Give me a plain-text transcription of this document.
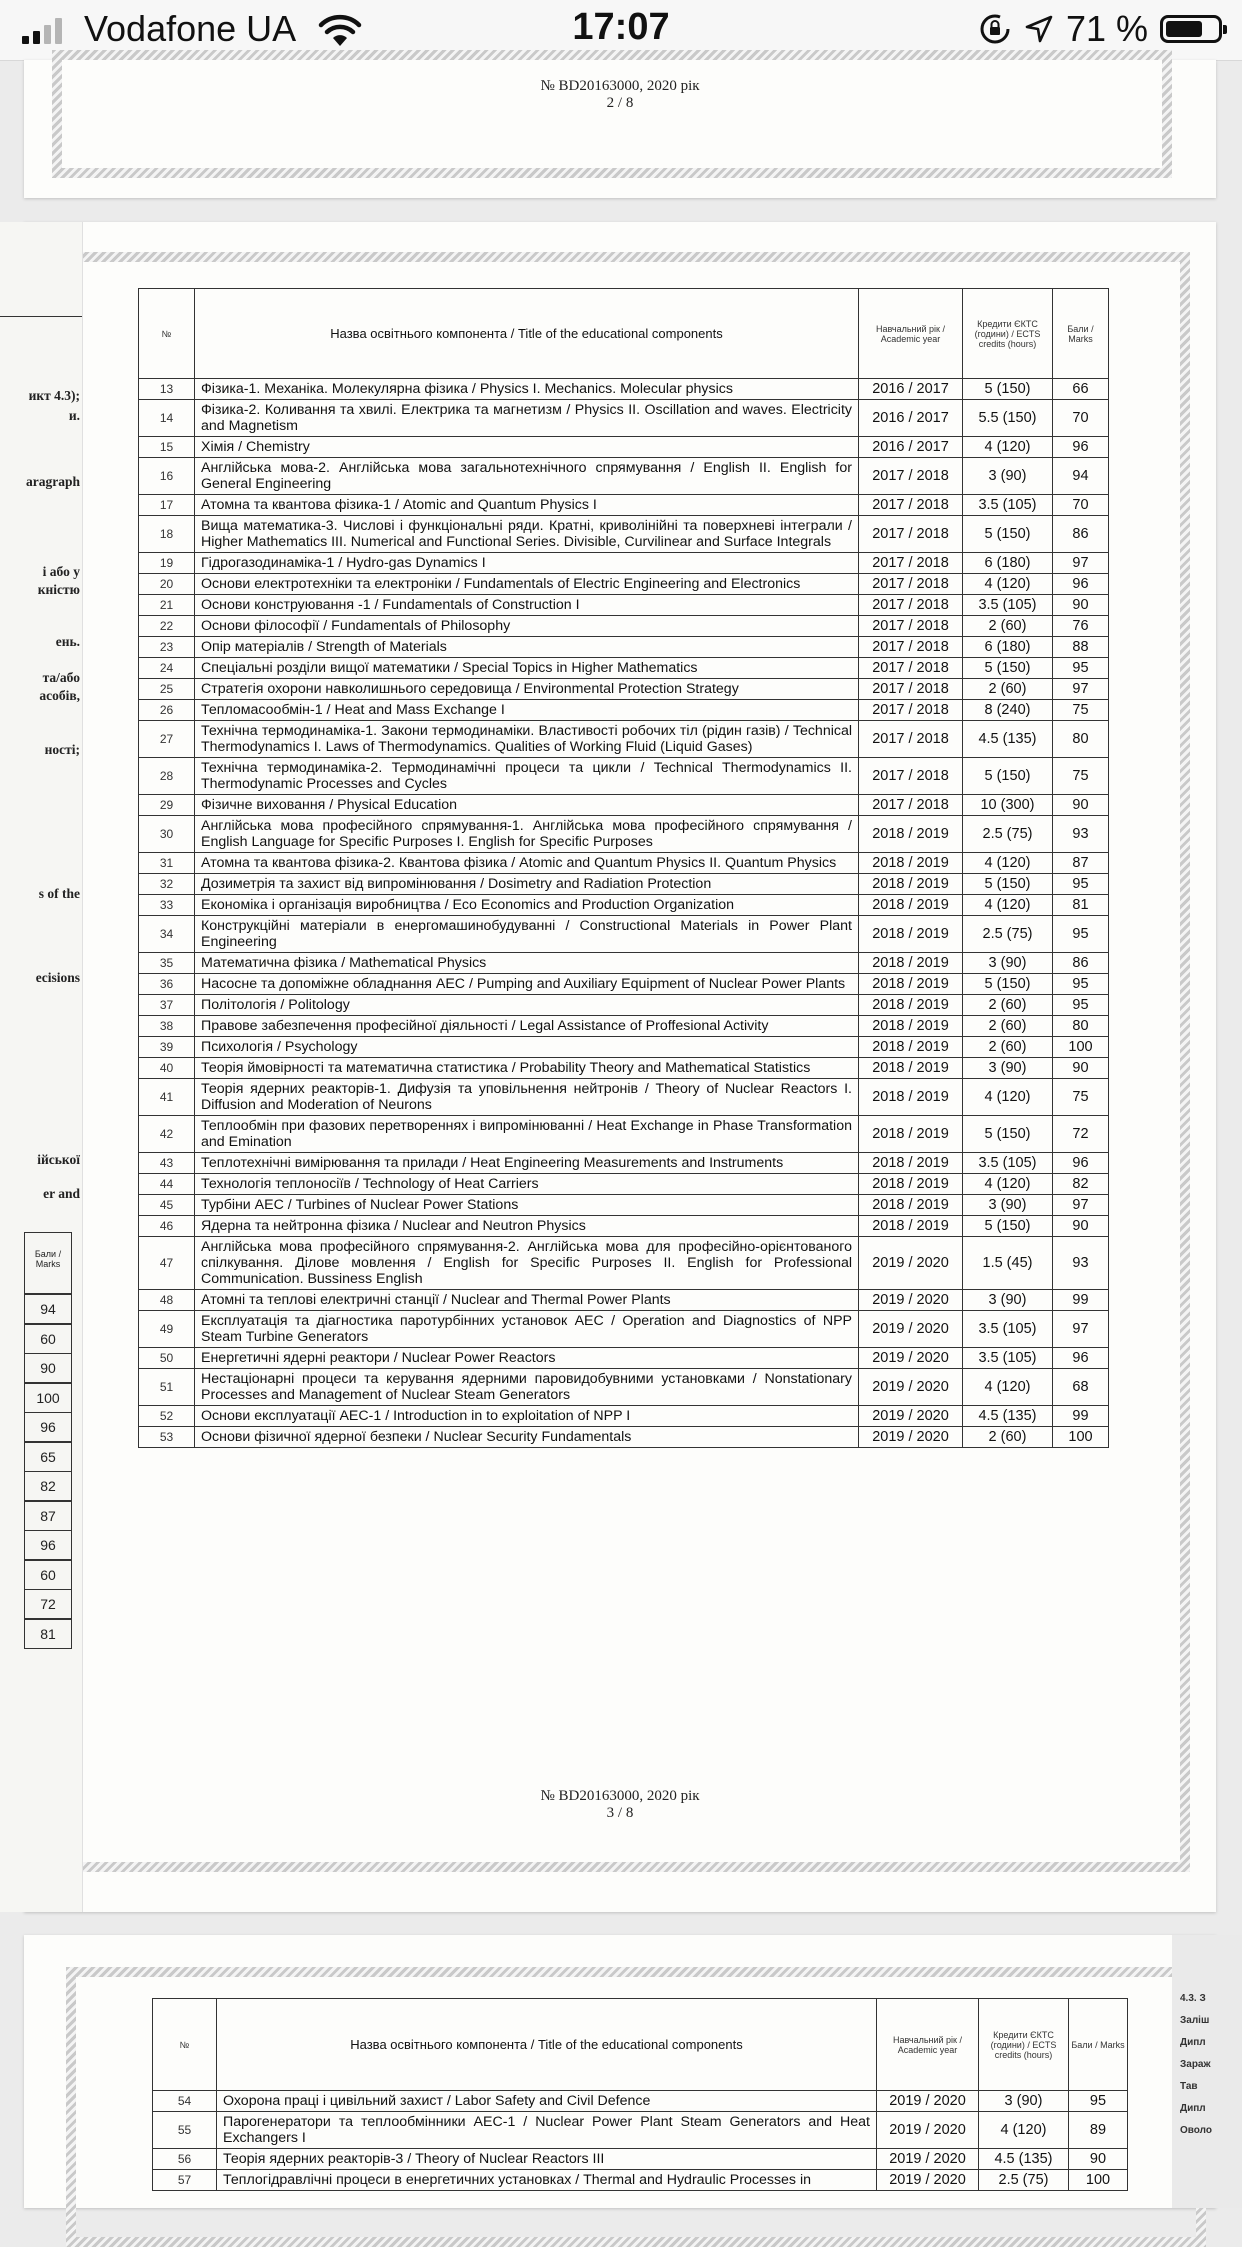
Vodafone UA	17:07	71 %
№ BD20163000, 2020 рік
2 / 8
№ BD20163000, 2020 рік
3 / 8
икт 4.3);
и.
aragraph
і або у
кністю
ень.
та/або
асобів,
ності;
s of the
ecisions
ійської
er and
Бали / Marks
94
60
90
100
96
65
82
87
96
60
72
81
№	Назва освітнього компонента / Title of the educational components	Навчальний рік / Academic year	Кредити ЄКТС (години) / ECTS credits (hours)	Бали / Marks
13	Фізика-1. Механіка. Молекулярна фізика / Physics I. Mechanics. Molecular physics	2016 / 2017	5 (150)	66
14	Фізика-2. Коливання та хвилі. Електрика та магнетизм / Physics II. Oscillation and waves. Electricity and Magnetism	2016 / 2017	5.5 (150)	70
15	Хімія / Chemistry	2016 / 2017	4 (120)	96
16	Англійська мова-2. Англійська мова загальнотехнічного спрямування / English II. English for General Engineering	2017 / 2018	3 (90)	94
17	Атомна та квантова фізика-1 / Atomic and Quantum Physics I	2017 / 2018	3.5 (105)	70
18	Вища математика-3. Числові і функціональні ряди. Кратні, криволінійні та поверхневі інтеграли / Higher Mathematics III. Numerical and Functional Series. Divisible, Curvilinear and Surface Integrals	2017 / 2018	5 (150)	86
19	Гідрогазодинаміка-1 / Hydro-gas Dynamics I	2017 / 2018	6 (180)	97
20	Основи електротехніки та електроніки / Fundamentals of Electric Engineering and Electronics	2017 / 2018	4 (120)	96
21	Основи конструювання -1 / Fundamentals of Construction I	2017 / 2018	3.5 (105)	90
22	Основи філософії / Fundamentals of Philosophy	2017 / 2018	2 (60)	76
23	Опір матеріалів / Strength of Materials	2017 / 2018	6 (180)	88
24	Спеціальні розділи вищої математики / Special Topics in Higher Mathematics	2017 / 2018	5 (150)	95
25	Стратегія охорони навколишнього середовища / Environmental Protection Strategy	2017 / 2018	2 (60)	97
26	Тепломасообмін-1 / Heat and Mass Exchange I	2017 / 2018	8 (240)	75
27	Технічна термодинаміка-1. Закони термодинаміки. Властивості робочих тіл (рідин газів) / Technical Thermodynamics I. Laws of Thermodynamics. Qualities of Working Fluid (Liquid Gases)	2017 / 2018	4.5 (135)	80
28	Технічна термодинаміка-2. Термодинамічні процеси та цикли / Technical Thermodynamics II. Thermodynamic Processes and Cycles	2017 / 2018	5 (150)	75
29	Фізичне виховання / Physical Education	2017 / 2018	10 (300)	90
30	Англійська мова професійного спрямування-1. Англійська мова професійного спрямування / English Language for Specific Purposes I. English for Specific Purposes	2018 / 2019	2.5 (75)	93
31	Атомна та квантова фізика-2. Квантова фізика / Atomic and Quantum Physics II. Quantum Physics	2018 / 2019	4 (120)	87
32	Дозиметрія та захист від випромінювання / Dosimetry and Radiation Protection	2018 / 2019	5 (150)	95
33	Економіка і організація виробництва / Eco Economics and Production Organization	2018 / 2019	4 (120)	81
34	Конструкційні матеріали в енергомашинобудуванні / Constructional Materials in Power Plant Engineering	2018 / 2019	2.5 (75)	95
35	Математична фізика / Mathematical Physics	2018 / 2019	3 (90)	86
36	Насосне та допоміжне обладнання АЕС / Pumping and Auxiliary Equipment of Nuclear Power Plants	2018 / 2019	5 (150)	95
37	Політологія / Politology	2018 / 2019	2 (60)	95
38	Правове забезпечення професійної діяльності / Legal Assistance of Proffesional Activity	2018 / 2019	2 (60)	80
39	Психологія / Psychology	2018 / 2019	2 (60)	100
40	Теорія ймовірності та математична статистика / Probability Theory and Mathematical Statistics	2018 / 2019	3 (90)	90
41	Теорія ядерних реакторів-1. Дифузія та уповільнення нейтронів / Theory of Nuclear Reactors I. Diffusion and Moderation of Neurons	2018 / 2019	4 (120)	75
42	Теплообмін при фазових перетвореннях і випромінюванні / Heat Exchange in Phase Transformation and Emination	2018 / 2019	5 (150)	72
43	Теплотехнічні вимірювання та прилади / Heat Engineering Measurements and Instruments	2018 / 2019	3.5 (105)	96
44	Технологія теплоносіїв / Technology of Heat Carriers	2018 / 2019	4 (120)	82
45	Турбіни АЕС / Turbines of Nuclear Power Stations	2018 / 2019	3 (90)	97
46	Ядерна та нейтронна фізика / Nuclear and Neutron Physics	2018 / 2019	5 (150)	90
47	Англійська мова професійного спрямування-2. Англійська мова для професійно-орієнтованого спілкування. Ділове мовлення / English for Specific Purposes II. English for Professional Communication. Bussiness English	2019 / 2020	1.5 (45)	93
48	Атомні та теплові електричні станції / Nuclear and Thermal Power Plants	2019 / 2020	3 (90)	99
49	Експлуатація та діагностика паротурбінних установок АЕС / Operation and Diagnostics of NPP Steam Turbine Generators	2019 / 2020	3.5 (105)	97
50	Енергетичні ядерні реактори / Nuclear Power Reactors	2019 / 2020	3.5 (105)	96
51	Нестаціонарні процеси та керування ядерними паровидобувними установками / Nonstationary Processes and Management of Nuclear Steam Generators	2019 / 2020	4 (120)	68
52	Основи експлуатації АЕС-1 / Introduction in to exploitation of NPP I	2019 / 2020	4.5 (135)	99
53	Основи фізичної ядерної безпеки / Nuclear Security Fundamentals	2019 / 2020	2 (60)	100
4.3. З
Заліш
Дипл
Зараж
Тав
Дипл
Оволо
№	Назва освітнього компонента / Title of the educational components	Навчальний рік / Academic year	Кредити ЄКТС (години) / ECTS credits (hours)	Бали / Marks
54	Охорона праці і цивільний захист / Labor Safety and Civil Defence	2019 / 2020	3 (90)	95
55	Парогенератори та теплообмінники АЕС-1 / Nuclear Power Plant Steam Generators and Heat Exchangers I	2019 / 2020	4 (120)	89
56	Теорія ядерних реакторів-3 / Theory of Nuclear Reactors III	2019 / 2020	4.5 (135)	90
57	Теплогідравлічні процеси в енергетичних установках / Thermal and Hydraulic Processes in	2019 / 2020	2.5 (75)	100
